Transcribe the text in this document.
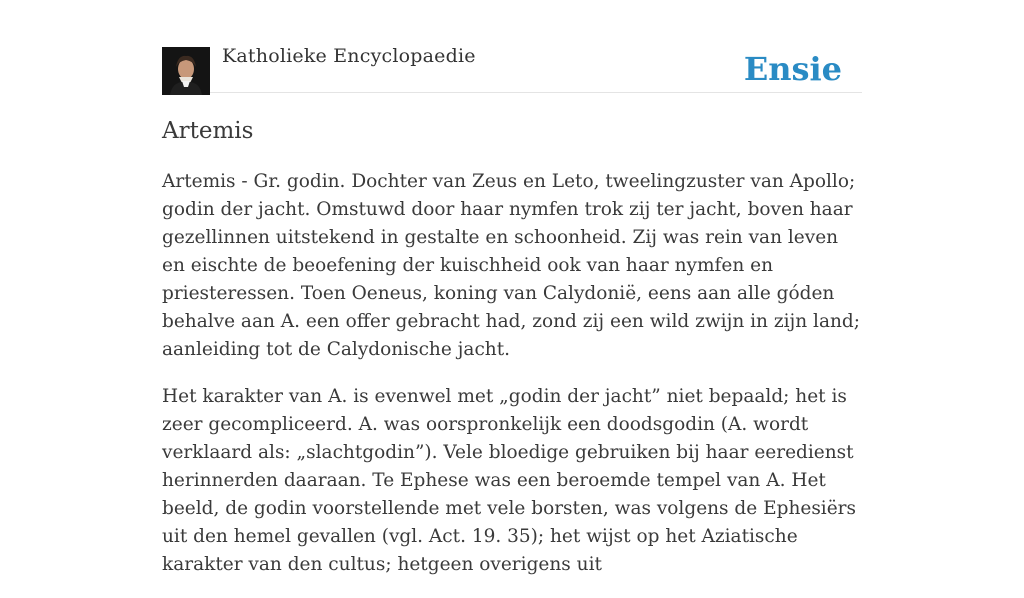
Katholieke Encyclopaedie	Ensie
Artemis

Artemis - Gr. godin. Dochter van Zeus en Leto, tweelingzuster van Apollo; godin der jacht. Omstuwd door haar nymfen trok zij ter jacht, boven haar gezellinnen uitstekend in gestalte en schoonheid. Zij was rein van leven en eischte de beoefening der kuischheid ook van haar nymfen en priesteressen. Toen Oeneus, koning van Calydonië, eens aan alle góden behalve aan A. een offer gebracht had, zond zij een wild zwijn in zijn land; aanleiding tot de Calydonische jacht.

Het karakter van A. is evenwel met „godin der jacht” niet bepaald; het is zeer gecompliceerd. A. was oorspronkelijk een doodsgodin (A. wordt verklaard als: „slachtgodin”). Vele bloedige gebruiken bij haar eeredienst herinnerden daaraan. Te Ephese was een beroemde tempel van A. Het beeld, de godin voorstellende met vele borsten, was volgens de Ephesiërs uit den hemel gevallen (vgl. Act. 19. 35); het wijst op het Aziatische karakter van den cultus; hetgeen overigens uit
